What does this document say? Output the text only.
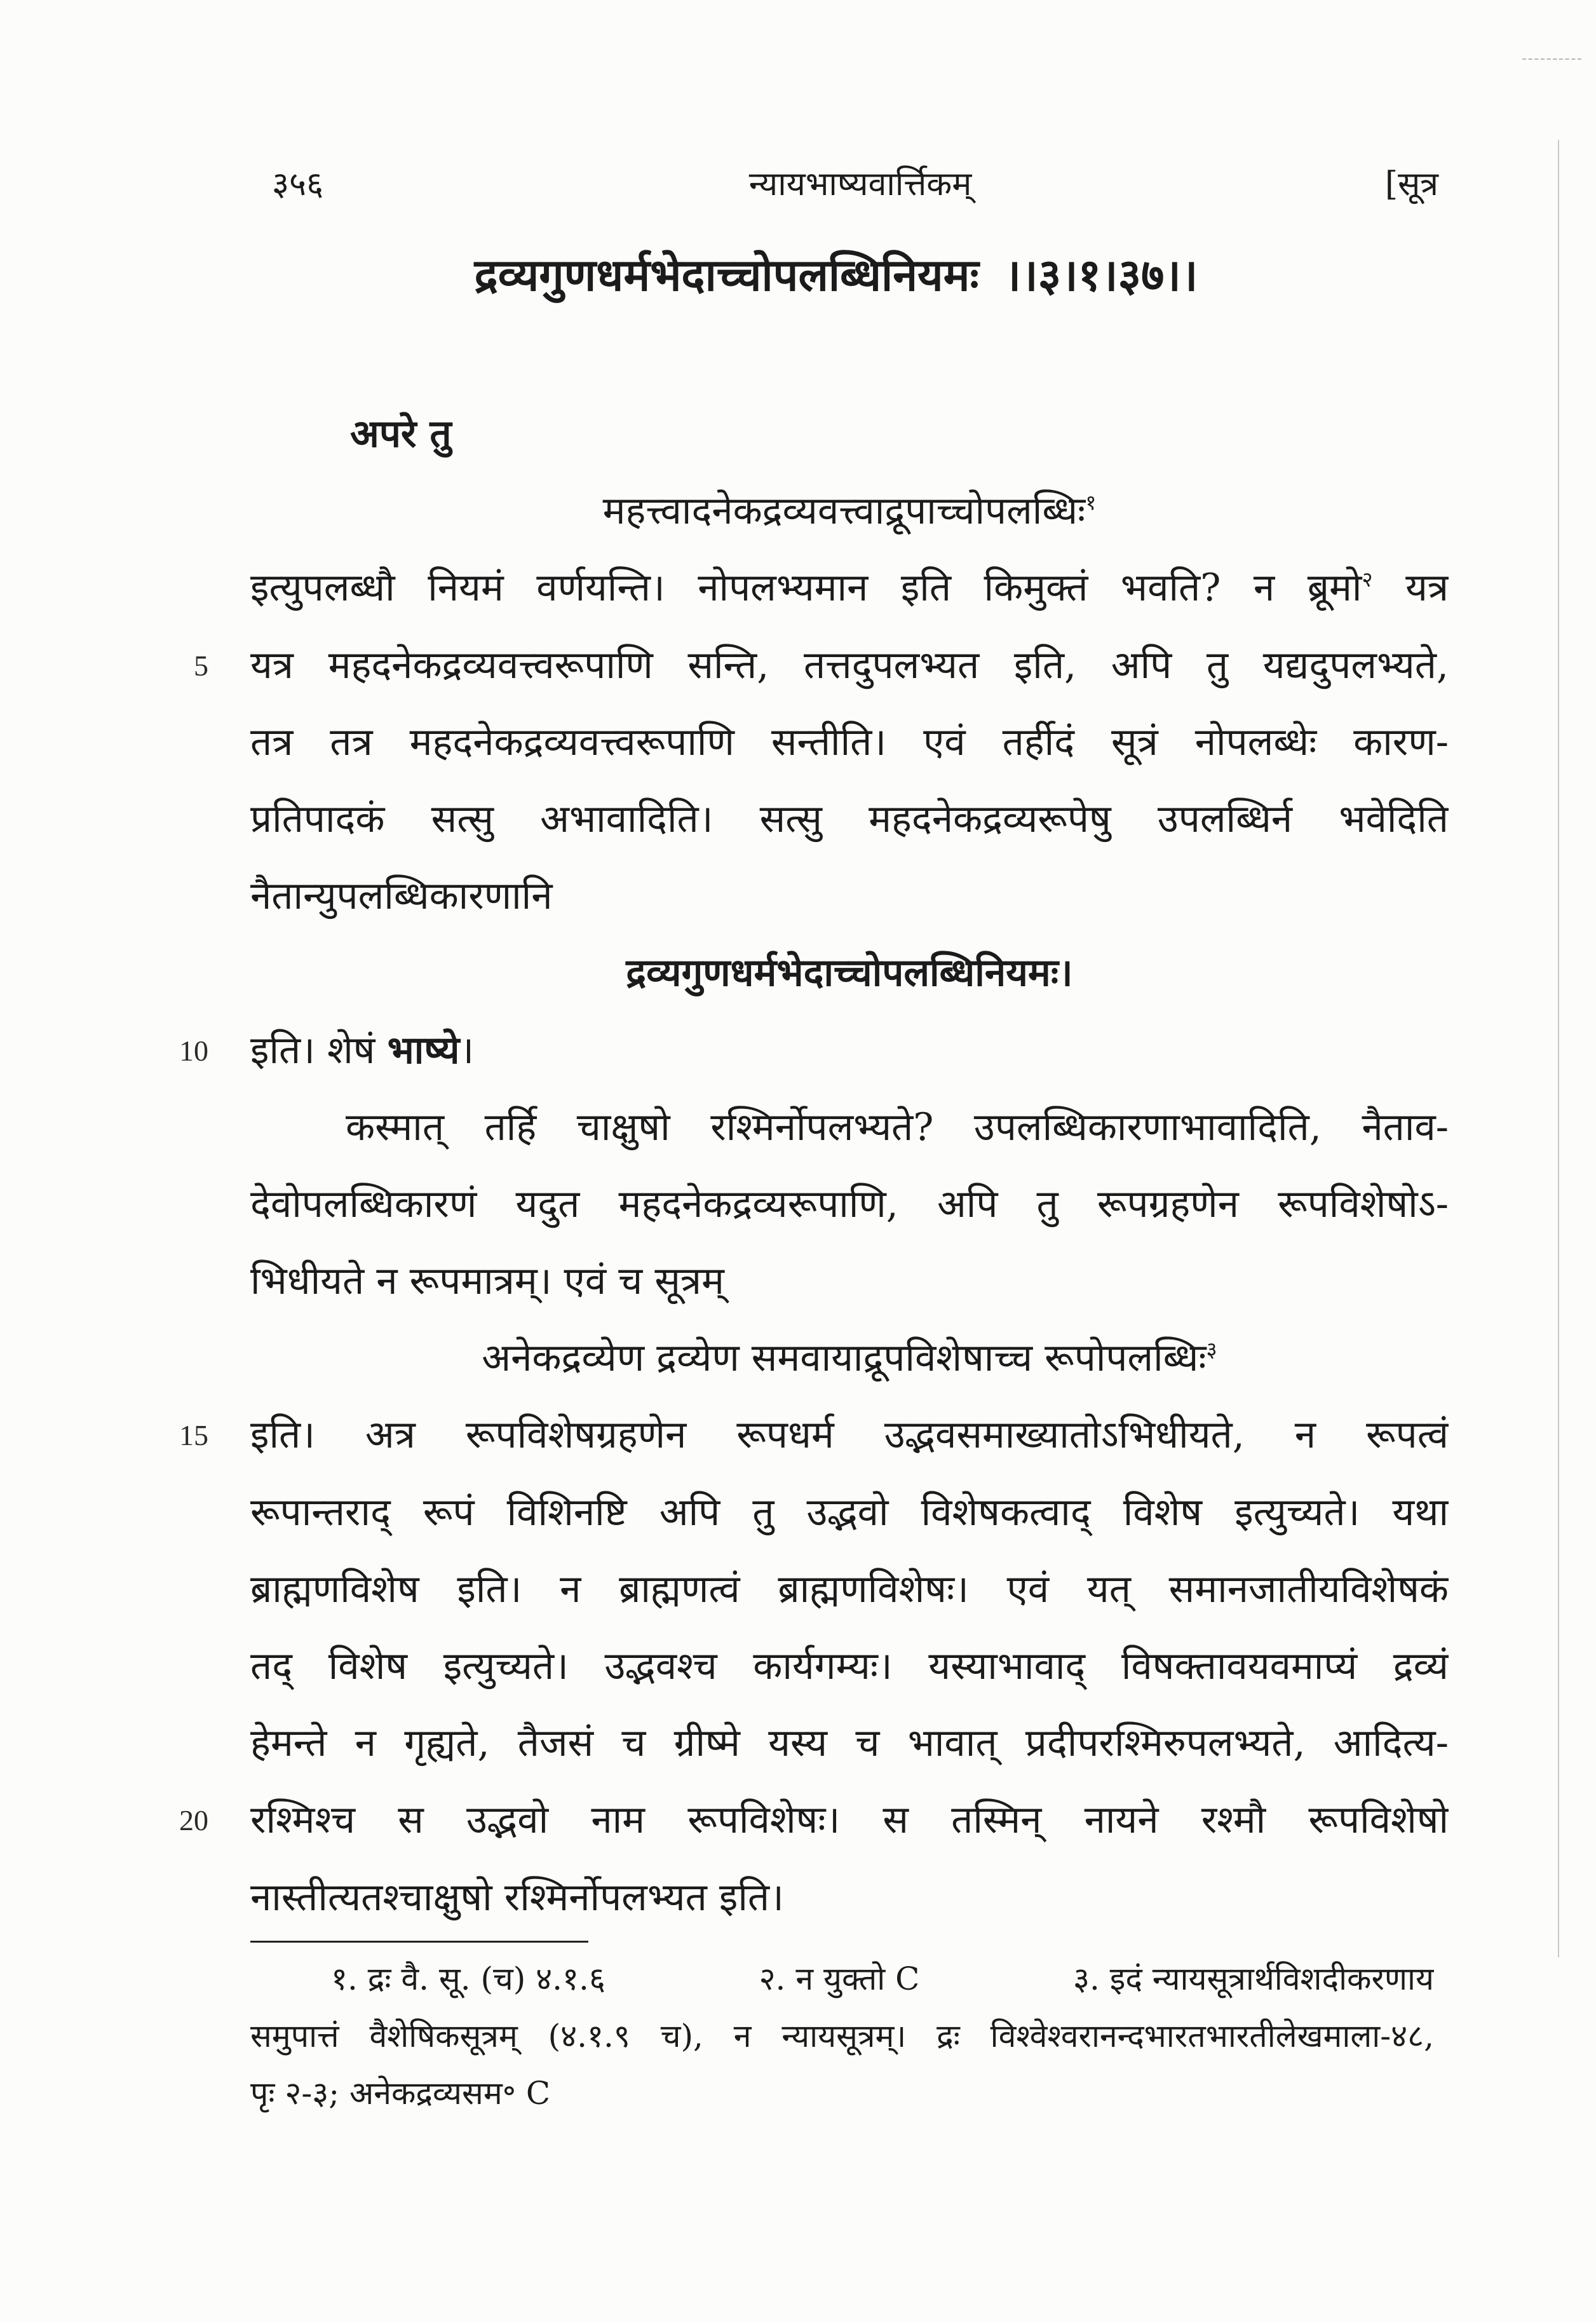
३५६	न्यायभाष्यवार्त्तिकम्	[सूत्र
द्रव्यगुणधर्मभेदाच्चोपलब्धिनियमः ।।३।१।३७।।
अपरे तु
महत्त्वादनेकद्रव्यवत्त्वाद्रूपाच्चोपलब्धिः$^१$
इत्युपलब्धौ नियमं वर्णयन्ति। नोपलभ्यमान इति किमुक्तं भवति? न ब्रूमो$^२$ यत्र
5 यत्र महदनेकद्रव्यवत्त्वरूपाणि सन्ति, तत्तदुपलभ्यत इति, अपि तु यद्यदुपलभ्यते,
तत्र तत्र महदनेकद्रव्यवत्त्वरूपाणि सन्तीति। एवं तर्हीदं सूत्रं नोपलब्धेः कारण-
प्रतिपादकं सत्सु अभावादिति। सत्सु महदनेकद्रव्यरूपेषु उपलब्धिर्न भवेदिति
नैतान्युपलब्धिकारणानि
द्रव्यगुणधर्मभेदाच्चोपलब्धिनियमः।
10 इति। शेषं भाष्ये।
कस्मात् तर्हि चाक्षुषो रश्मिर्नोपलभ्यते? उपलब्धिकारणाभावादिति, नैताव-
देवोपलब्धिकारणं यदुत महदनेकद्रव्यरूपाणि, अपि तु रूपग्रहणेन रूपविशेषोऽ-
भिधीयते न रूपमात्रम्। एवं च सूत्रम्
अनेकद्रव्येण द्रव्येण समवायाद्रूपविशेषाच्च रूपोपलब्धिः$^३$
15 इति। अत्र रूपविशेषग्रहणेन रूपधर्म उद्भवसमाख्यातोऽभिधीयते, न रूपत्वं
रूपान्तराद् रूपं विशिनष्टि अपि तु उद्भवो विशेषकत्वाद् विशेष इत्युच्यते। यथा
ब्राह्मणविशेष इति। न ब्राह्मणत्वं ब्राह्मणविशेषः। एवं यत् समानजातीयविशेषकं
तद् विशेष इत्युच्यते। उद्भवश्च कार्यगम्यः। यस्याभावाद् विषक्तावयवमाप्यं द्रव्यं
हेमन्ते न गृह्यते, तैजसं च ग्रीष्मे यस्य च भावात् प्रदीपरश्मिरुपलभ्यते, आदित्य-
20 रश्मिश्च स उद्भवो नाम रूपविशेषः। स तस्मिन् नायने रश्मौ रूपविशेषो
नास्तीत्यतश्चाक्षुषो रश्मिर्नोपलभ्यत इति।
१. द्रः वै. सू. (च) ४.१.६	२. न युक्तो C	३. इदं न्यायसूत्रार्थविशदीकरणाय
समुपात्तं वैशेषिकसूत्रम् (४.१.९ च), न न्यायसूत्रम्। द्रः विश्वेश्वरानन्दभारतभारतीलेखमाला-४८,
पृः २-३; अनेकद्रव्यसम॰ C
